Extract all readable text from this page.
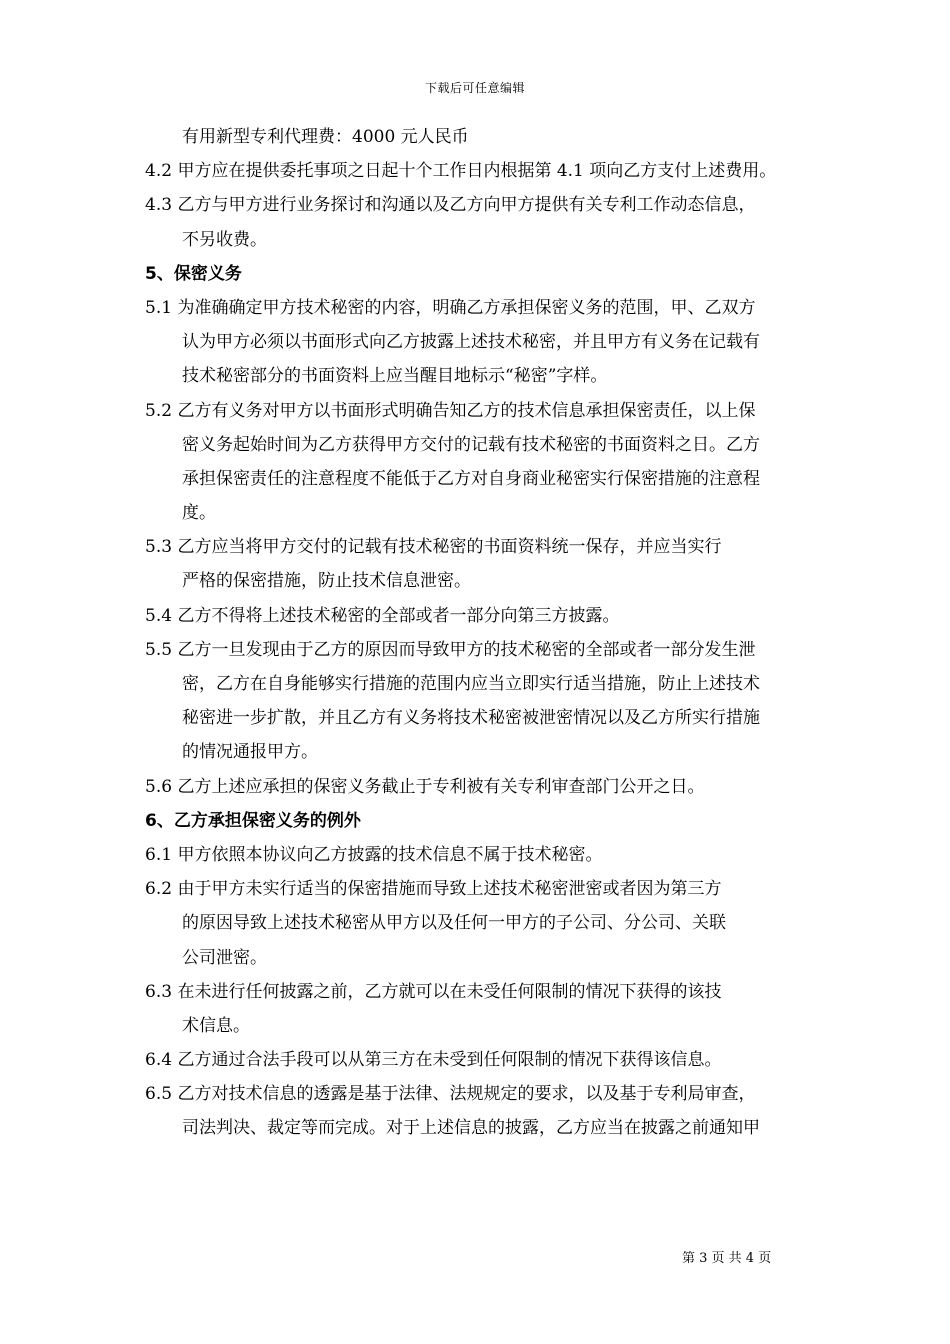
下载后可任意编辑
有用新型专利代理费：4000 元人民币
4.2 甲方应在提供委托事项之日起十个工作日内根据第 4.1 项向乙方支付上述费用。
4.3 乙方与甲方进行业务探讨和沟通以及乙方向甲方提供有关专利工作动态信息，
不另收费。
5、保密义务
5.1 为准确确定甲方技术秘密的内容，明确乙方承担保密义务的范围，甲、乙双方
认为甲方必须以书面形式向乙方披露上述技术秘密，并且甲方有义务在记载有
技术秘密部分的书面资料上应当醒目地标示“秘密”字样。
5.2 乙方有义务对甲方以书面形式明确告知乙方的技术信息承担保密责任，以上保
密义务起始时间为乙方获得甲方交付的记载有技术秘密的书面资料之日。乙方
承担保密责任的注意程度不能低于乙方对自身商业秘密实行保密措施的注意程
度。
5.3 乙方应当将甲方交付的记载有技术秘密的书面资料统一保存，并应当实行
严格的保密措施，防止技术信息泄密。
5.4 乙方不得将上述技术秘密的全部或者一部分向第三方披露。
5.5 乙方一旦发现由于乙方的原因而导致甲方的技术秘密的全部或者一部分发生泄
密，乙方在自身能够实行措施的范围内应当立即实行适当措施，防止上述技术
秘密进一步扩散，并且乙方有义务将技术秘密被泄密情况以及乙方所实行措施
的情况通报甲方。
5.6 乙方上述应承担的保密义务截止于专利被有关专利审查部门公开之日。
6、乙方承担保密义务的例外
6.1 甲方依照本协议向乙方披露的技术信息不属于技术秘密。
6.2 由于甲方未实行适当的保密措施而导致上述技术秘密泄密或者因为第三方
的原因导致上述技术秘密从甲方以及任何一甲方的子公司、分公司、关联
公司泄密。
6.3 在未进行任何披露之前，乙方就可以在未受任何限制的情况下获得的该技
术信息。
6.4 乙方通过合法手段可以从第三方在未受到任何限制的情况下获得该信息。
6.5 乙方对技术信息的透露是基于法律、法规规定的要求，以及基于专利局审查，
司法判决、裁定等而完成。对于上述信息的披露，乙方应当在披露之前通知甲
第 3 页 共 4 页
